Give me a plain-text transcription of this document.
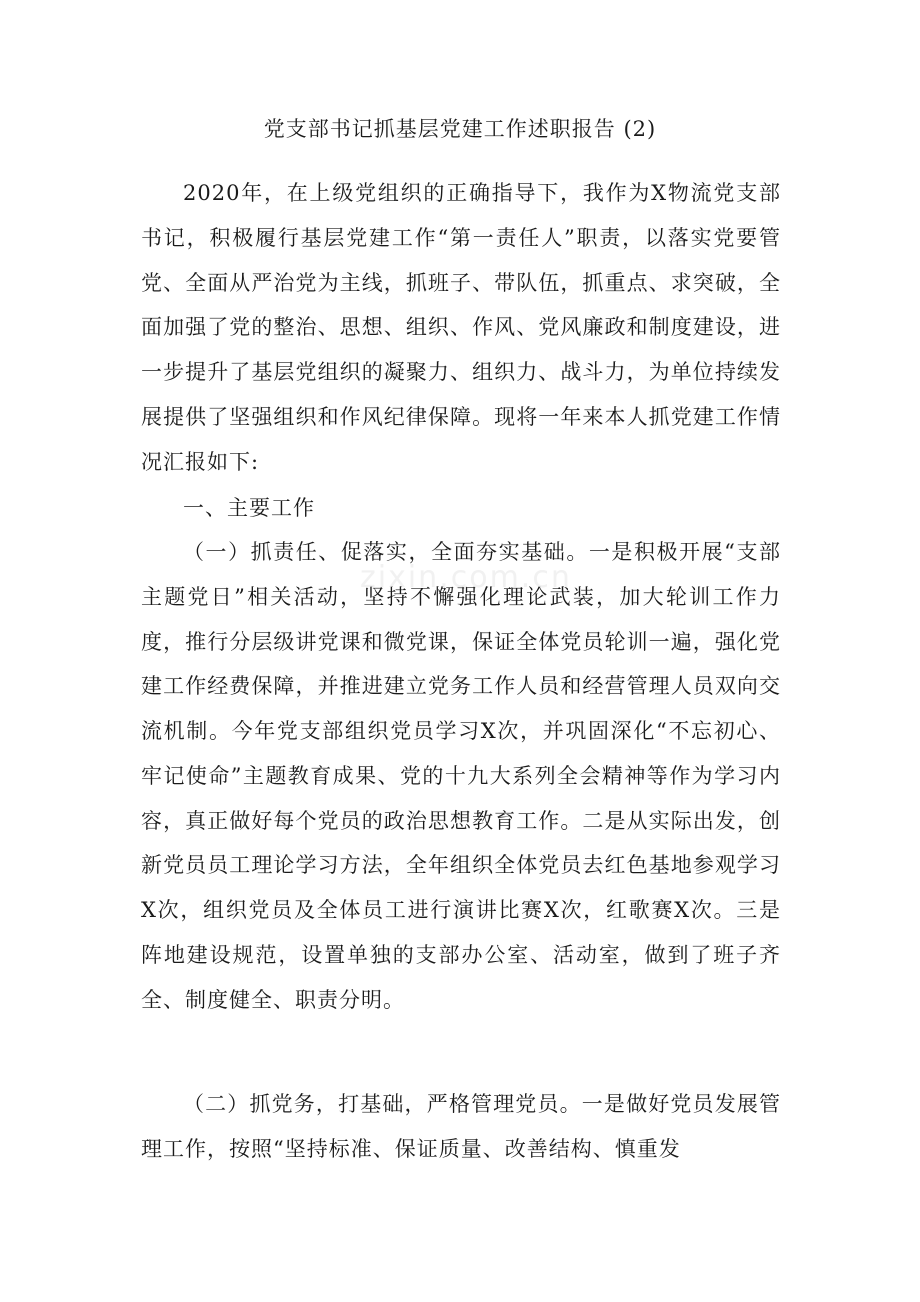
党支部书记抓基层党建工作述职报告 (2)

2020年，在上级党组织的正确指导下，我作为X物流党支部书记，积极履行基层党建工作“第一责任人”职责，以落实党要管党、全面从严治党为主线，抓班子、带队伍，抓重点、求突破，全面加强了党的整治、思想、组织、作风、党风廉政和制度建设，进一步提升了基层党组织的凝聚力、组织力、战斗力，为单位持续发展提供了坚强组织和作风纪律保障。现将一年来本人抓党建工作情况汇报如下:

一、主要工作

（一）抓责任、促落实，全面夯实基础。一是积极开展“支部主题党日”相关活动，坚持不懈强化理论武装，加大轮训工作力度，推行分层级讲党课和微党课，保证全体党员轮训一遍，强化党建工作经费保障，并推进建立党务工作人员和经营管理人员双向交流机制。今年党支部组织党员学习X次，并巩固深化“不忘初心、牢记使命”主题教育成果、党的十九大系列全会精神等作为学习内容，真正做好每个党员的政治思想教育工作。二是从实际出发，创新党员员工理论学习方法，全年组织全体党员去红色基地参观学习X次，组织党员及全体员工进行演讲比赛X次，红歌赛X次。三是阵地建设规范，设置单独的支部办公室、活动室，做到了班子齐全、制度健全、职责分明。

（二）抓党务，打基础，严格管理党员。一是做好党员发展管理工作，按照“坚持标准、保证质量、改善结构、慎重发

zixin.com.cn
